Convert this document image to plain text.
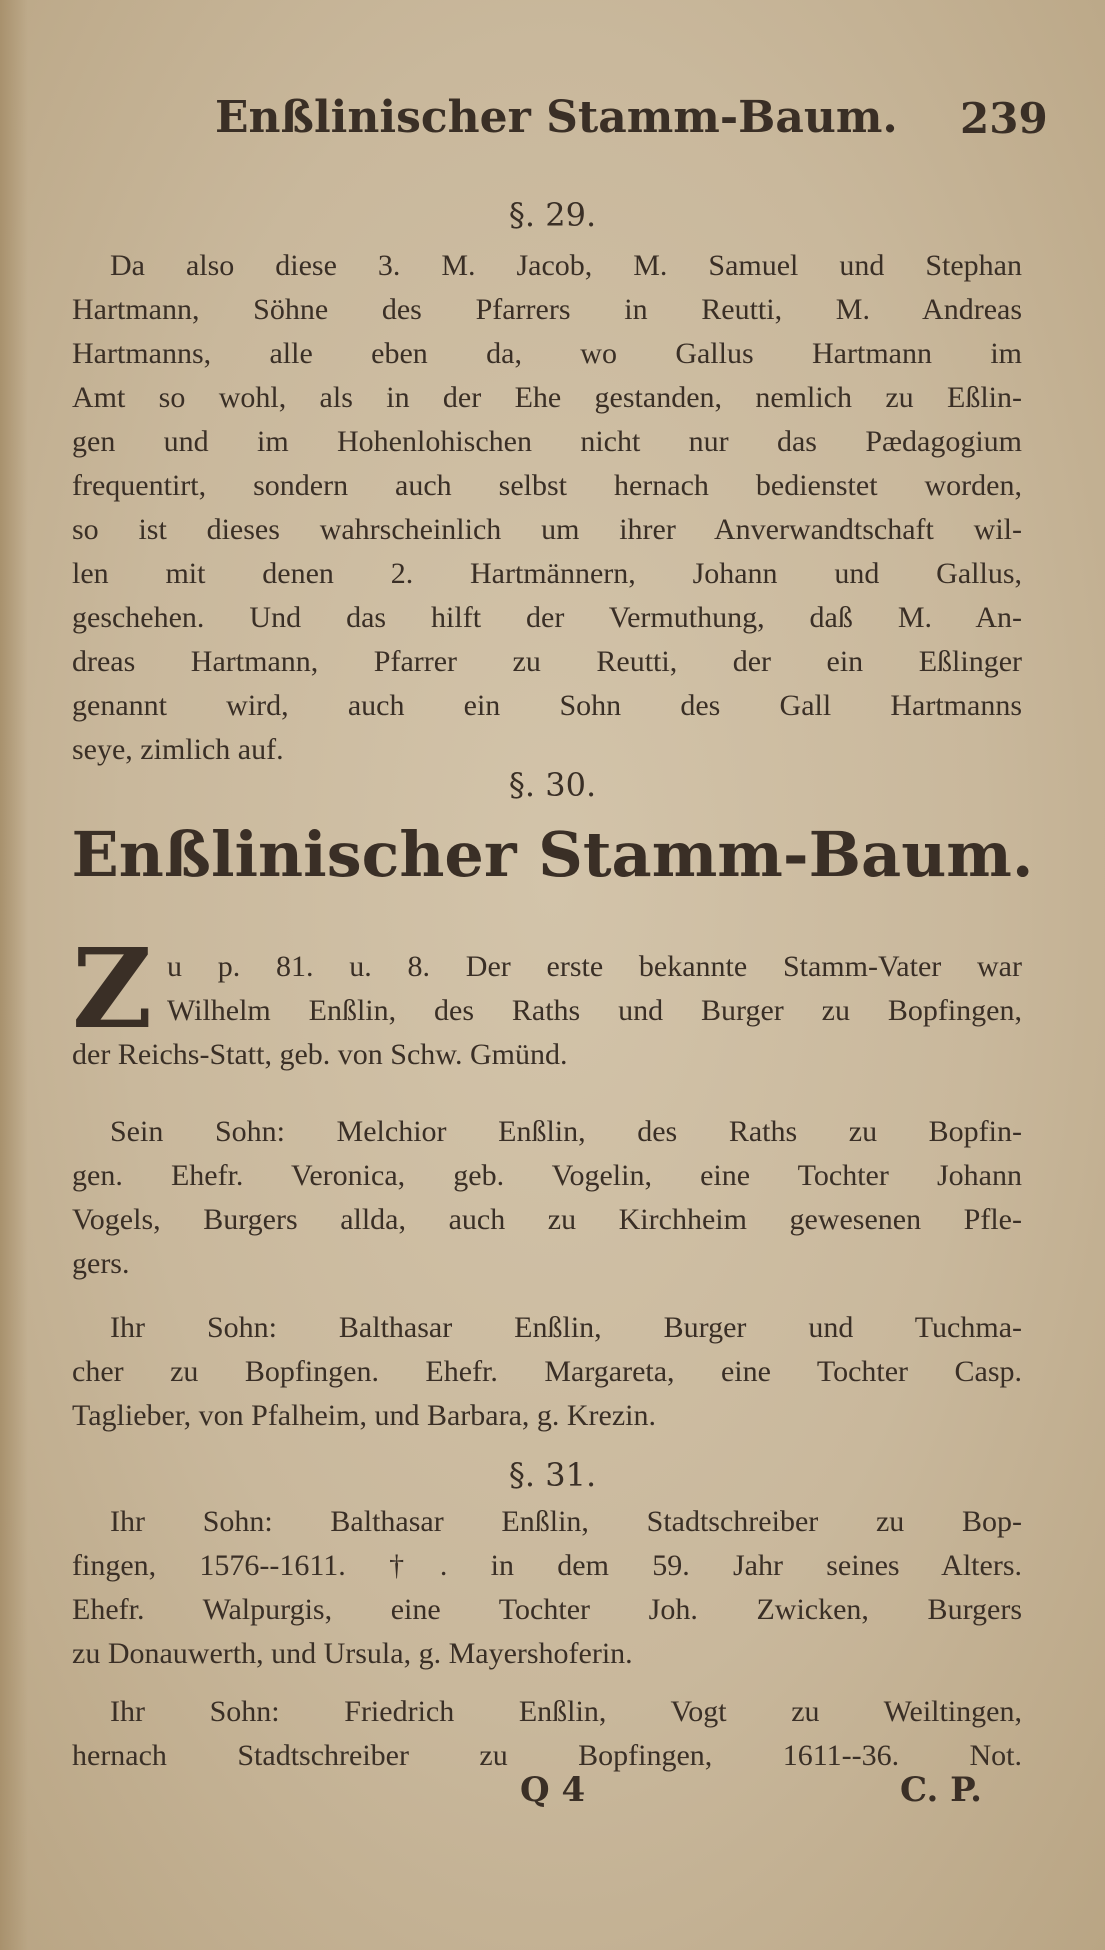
Enßlinischer Stamm-Baum. 239
§. 29.
Da also diese 3. M. Jacob, M. Samuel und Stephan
Hartmann, Söhne des Pfarrers in Reutti, M. Andreas
Hartmanns, alle eben da, wo Gallus Hartmann im
Amt so wohl, als in der Ehe gestanden, nemlich zu Eßlin-
gen und im Hohenlohischen nicht nur das Pædagogium
frequentirt, sondern auch selbst hernach bedienstet worden,
so ist dieses wahrscheinlich um ihrer Anverwandtschaft wil-
len mit denen 2. Hartmännern, Johann und Gallus,
geschehen. Und das hilft der Vermuthung, daß M. An-
dreas Hartmann, Pfarrer zu Reutti, der ein Eßlinger
genannt wird, auch ein Sohn des Gall Hartmanns
seye, zimlich auf.
§. 30.
Enßlinischer Stamm-Baum.
Z u p. 81. u. 8. Der erste bekannte Stamm-Vater war
Wilhelm Enßlin, des Raths und Burger zu Bopfingen,
der Reichs-Statt, geb. von Schw. Gmünd.
Sein Sohn: Melchior Enßlin, des Raths zu Bopfin-
gen. Ehefr. Veronica, geb. Vogelin, eine Tochter Johann
Vogels, Burgers allda, auch zu Kirchheim gewesenen Pfle-
gers.
Ihr Sohn: Balthasar Enßlin, Burger und Tuchma-
cher zu Bopfingen. Ehefr. Margareta, eine Tochter Casp.
Taglieber, von Pfalheim, und Barbara, g. Krezin.
§. 31.
Ihr Sohn: Balthasar Enßlin, Stadtschreiber zu Bop-
fingen, 1576--1611. †. in dem 59. Jahr seines Alters.
Ehefr. Walpurgis, eine Tochter Joh. Zwicken, Burgers
zu Donauwerth, und Ursula, g. Mayershoferin.
Ihr Sohn: Friedrich Enßlin, Vogt zu Weiltingen,
hernach Stadtschreiber zu Bopfingen, 1611--36. Not.
Q 4	C. P.
